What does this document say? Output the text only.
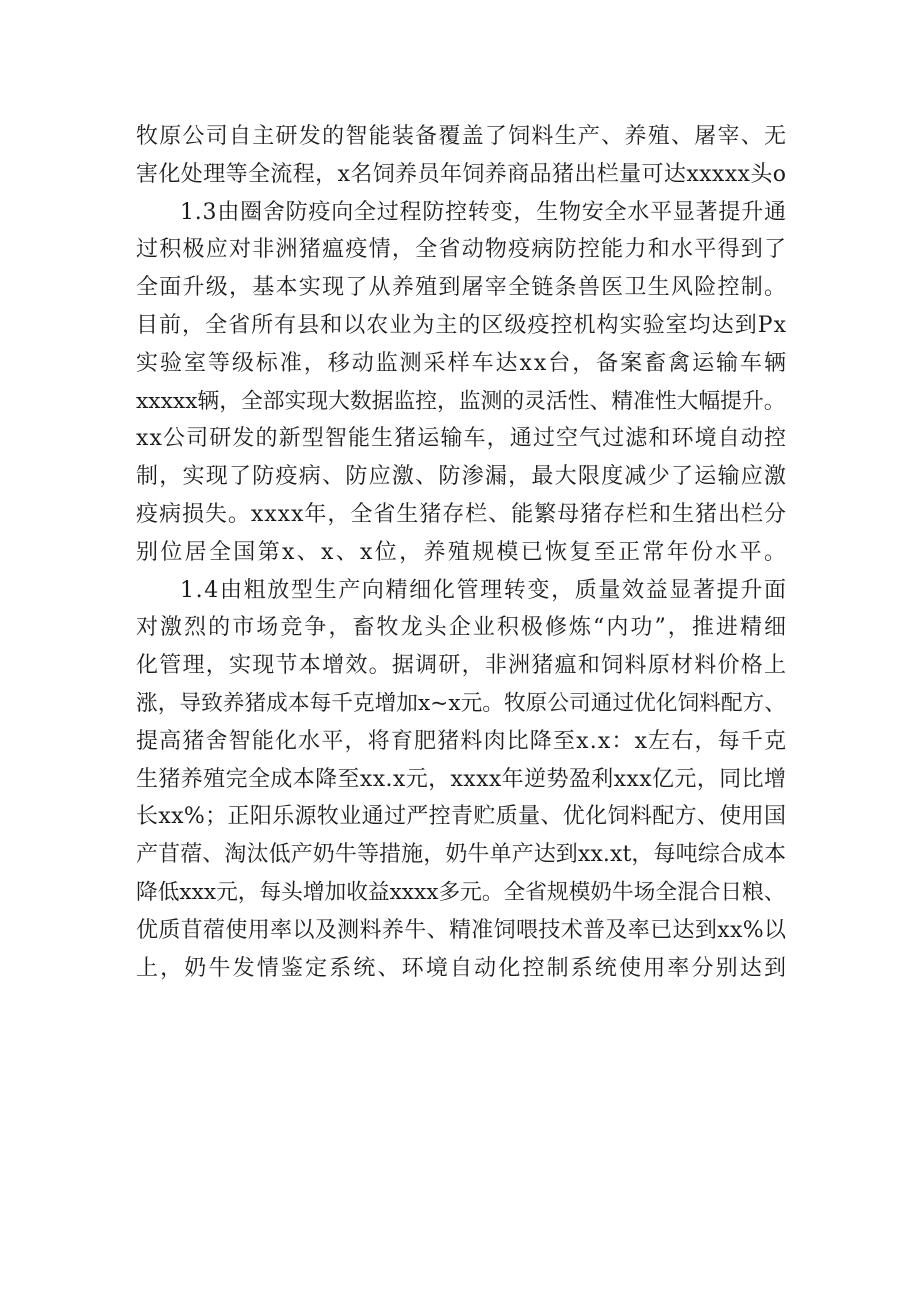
牧原公司自主研发的智能装备覆盖了饲料生产、养殖、屠宰、无
害化处理等全流程，x名饲养员年饲养商品猪出栏量可达xxxxx头o
1.3由圈舍防疫向全过程防控转变，生物安全水平显著提升通
过积极应对非洲猪瘟疫情，全省动物疫病防控能力和水平得到了
全面升级，基本实现了从养殖到屠宰全链条兽医卫生风险控制。
目前，全省所有县和以农业为主的区级疫控机构实验室均达到Px
实验室等级标准，移动监测采样车达xx台，备案畜禽运输车辆
xxxxx辆，全部实现大数据监控，监测的灵活性、精准性大幅提升。
xx公司研发的新型智能生猪运输车，通过空气过滤和环境自动控
制，实现了防疫病、防应激、防渗漏，最大限度减少了运输应激
疫病损失。xxxx年，全省生猪存栏、能繁母猪存栏和生猪出栏分
别位居全国第x、x、x位，养殖规模已恢复至正常年份水平。
1.4由粗放型生产向精细化管理转变，质量效益显著提升面
对激烈的市场竞争，畜牧龙头企业积极修炼“内功”，推进精细
化管理，实现节本增效。据调研，非洲猪瘟和饲料原材料价格上
涨，导致养猪成本每千克增加x~x元。牧原公司通过优化饲料配方、
提高猪舍智能化水平，将育肥猪料肉比降至x.x：x左右，每千克
生猪养殖完全成本降至xx.x元，xxxx年逆势盈利xxx亿元，同比增
长xx%；正阳乐源牧业通过严控青贮质量、优化饲料配方、使用国
产苜蓿、淘汰低产奶牛等措施，奶牛单产达到xx.xt，每吨综合成本
降低xxx元，每头增加收益xxxx多元。全省规模奶牛场全混合日粮、
优质苜蓿使用率以及测料养牛、精准饲喂技术普及率已达到xx%以
上，奶牛发情鉴定系统、环境自动化控制系统使用率分别达到
